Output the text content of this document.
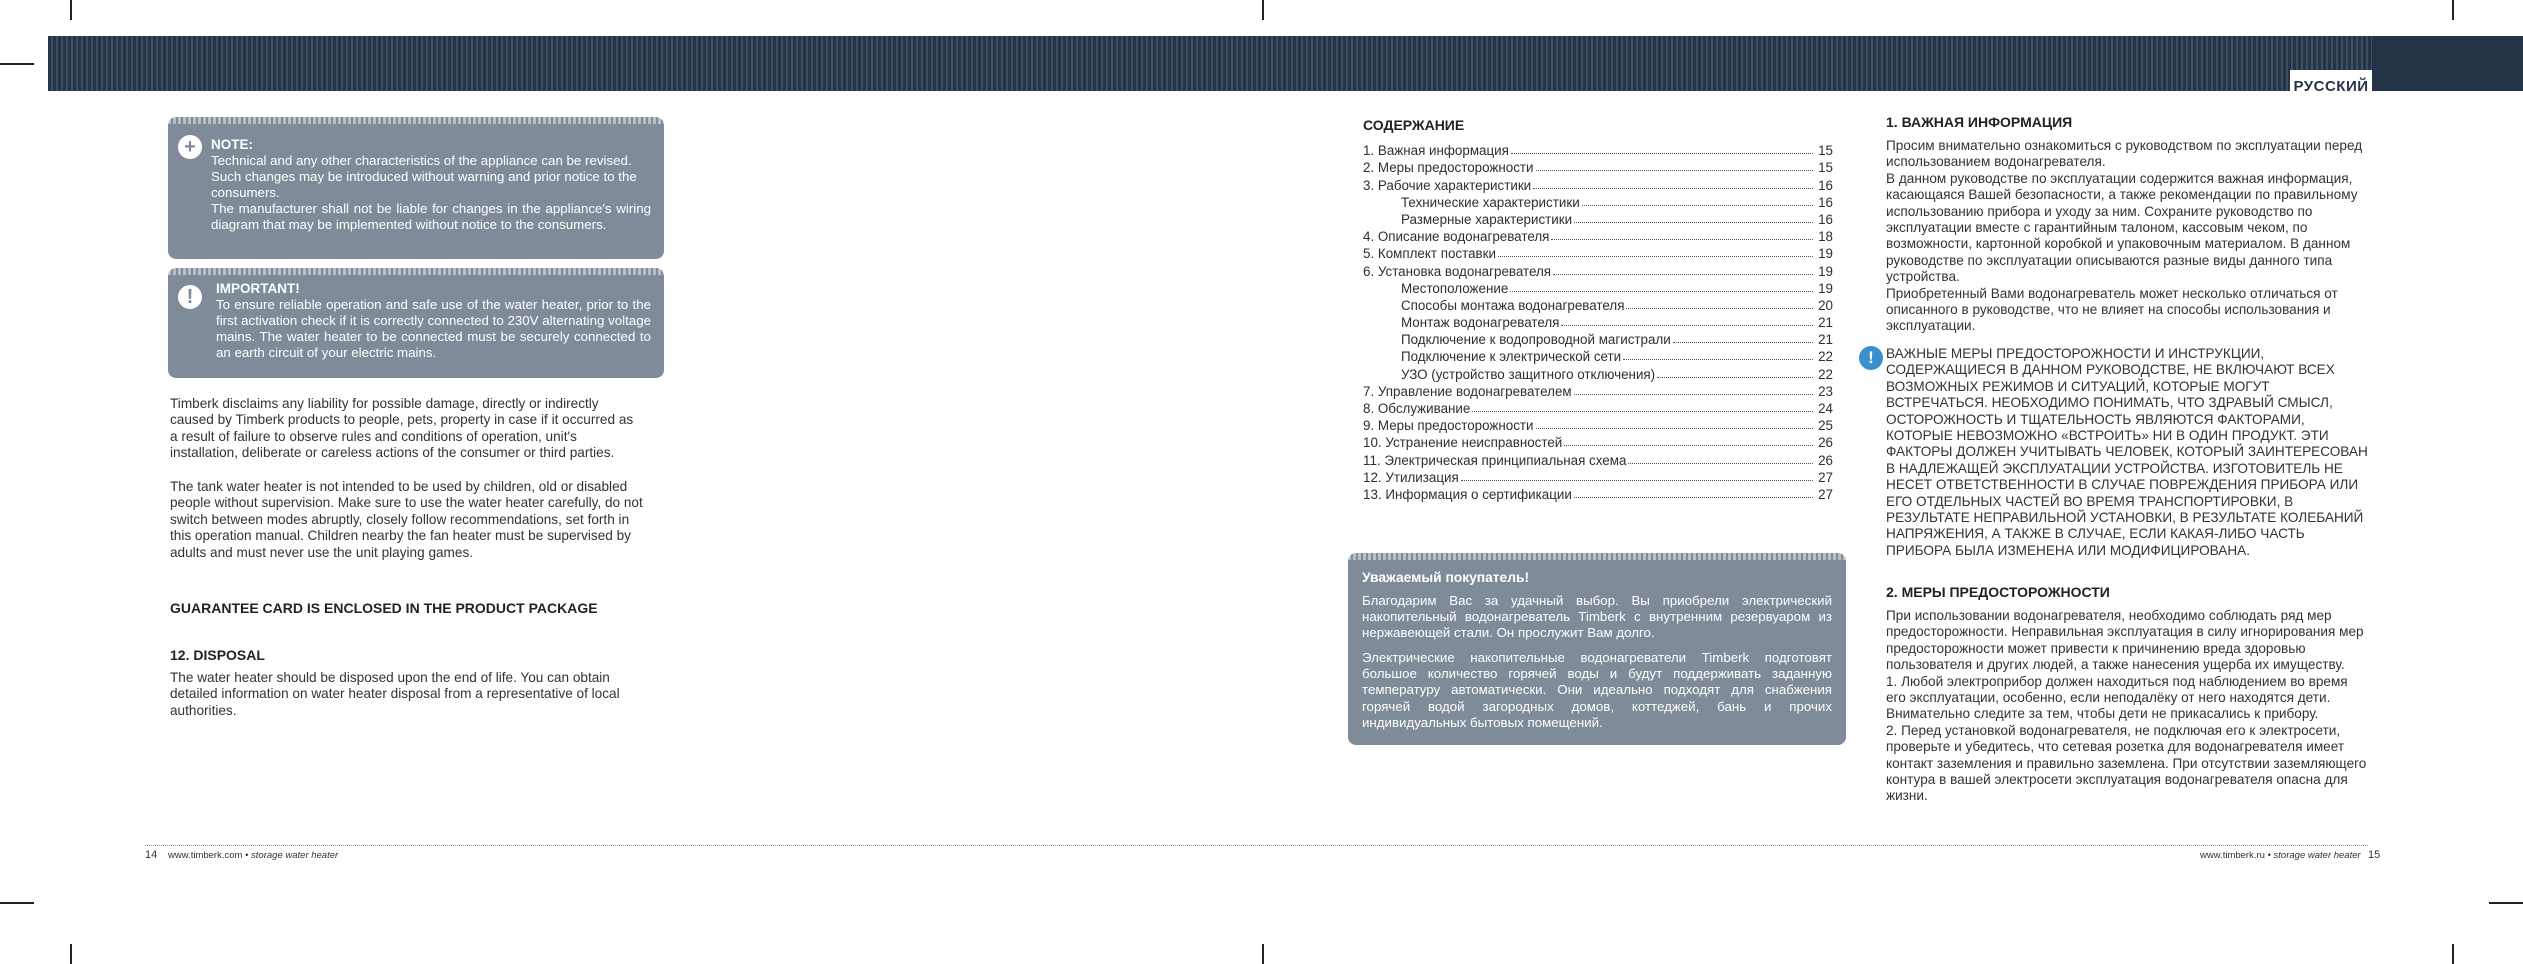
РУССКИЙ
+	NOTE:
Technical and any other characteristics of the appliance can be revised.
Such changes may be introduced without warning and prior notice to the consumers.
The manufacturer shall not be liable for changes in the appliance's wiring diagram that may be implemented without notice to the consumers.
!	IMPORTANT!
To ensure reliable operation and safe use of the water heater, prior to the first activation check if it is correctly connected to 230V alternating voltage mains. The water heater to be connected must be securely connected to an earth circuit of your electric mains.
Timberk disclaims any liability for possible damage, directly or indirectly caused by Timberk products to people, pets, property in case if it occurred as a result of failure to observe rules and conditions of operation, unit's installation, deliberate or careless actions of the consumer or third parties.
The tank water heater is not intended to be used by children, old or disabled people without supervision. Make sure to use the water heater carefully, do not switch between modes abruptly, closely follow recommendations, set forth in this operation manual. Children nearby the fan heater must be supervised by adults and must never use the unit playing games.
GUARANTEE CARD IS ENCLOSED IN THE PRODUCT PACKAGE
12. DISPOSAL
The water heater should be disposed upon the end of life. You can obtain detailed information on water heater disposal from a representative of local authorities.
СОДЕРЖАНИЕ
1. Важная информация	15
2. Меры предосторожности	15
3. Рабочие характеристики	16
Технические характеристики	16
Размерные характеристики	16
4. Описание водонагревателя	18
5. Комплект поставки	19
6. Установка водонагревателя	19
Местоположение	19
Способы монтажа водонагревателя	20
Монтаж водонагревателя	21
Подключение к водопроводной магистрали	21
Подключение к электрической сети	22
УЗО (устройство защитного отключения)	22
7. Управление водонагревателем	23
8. Обслуживание	24
9. Меры предосторожности	25
10. Устранение неисправностей	26
11. Электрическая принципиальная схема	26
12. Утилизация	27
13. Информация о сертификации	27
Уважаемый покупатель!
Благодарим Вас за удачный выбор. Вы приобрели электрический накопительный водонагреватель Timberk с внутренним резервуаром из нержавеющей стали. Он прослужит Вам долго.
Электрические накопительные водонагреватели Timberk подготовят большое количество горячей воды и будут поддерживать заданную температуру автоматически. Они идеально подходят для снабжения горячей водой загородных домов, коттеджей, бань и прочих индивидуальных бытовых помещений.
1. ВАЖНАЯ ИНФОРМАЦИЯ

Просим внимательно ознакомиться с руководством по эксплуатации перед использованием водонагревателя.

В данном руководстве по эксплуатации содержится важная информация, касающаяся Вашей безопасности, а также рекомендации по правильному использованию прибора и уходу за ним. Сохраните руководство по эксплуатации вместе с гарантийным талоном, кассовым чеком, по возможности, картонной коробкой и упаковочным материалом. В данном руководстве по эксплуатации описываются разные виды данного типа устройства.

Приобретенный Вами водонагреватель может несколько отличаться от описанного в руководстве, что не влияет на способы использования и эксплуатации.

! ВАЖНЫЕ МЕРЫ ПРЕДОСТОРОЖНОСТИ И ИНСТРУКЦИИ, СОДЕРЖАЩИЕСЯ В ДАННОМ РУКОВОДСТВЕ, НЕ ВКЛЮЧАЮТ ВСЕХ ВОЗМОЖНЫХ РЕЖИМОВ И СИТУАЦИЙ, КОТОРЫЕ МОГУТ ВСТРЕЧАТЬСЯ. НЕОБХОДИМО ПОНИМАТЬ, ЧТО ЗДРАВЫЙ СМЫСЛ, ОСТОРОЖНОСТЬ И ТЩАТЕЛЬНОСТЬ ЯВЛЯЮТСЯ ФАКТОРАМИ, КОТОРЫЕ НЕВОЗМОЖНО «ВСТРОИТЬ» НИ В ОДИН ПРОДУКТ. ЭТИ ФАКТОРЫ ДОЛЖЕН УЧИТЫВАТЬ ЧЕЛОВЕК, КОТОРЫЙ ЗАИНТЕРЕСОВАН В НАДЛЕЖАЩЕЙ ЭКСПЛУАТАЦИИ УСТРОЙСТВА. ИЗГОТОВИТЕЛЬ НЕ НЕСЕТ ОТВЕТСТВЕННОСТИ В СЛУЧАЕ ПОВРЕЖДЕНИЯ ПРИБОРА ИЛИ ЕГО ОТДЕЛЬНЫХ ЧАСТЕЙ ВО ВРЕМЯ ТРАНСПОРТИРОВКИ, В РЕЗУЛЬТАТЕ НЕПРАВИЛЬНОЙ УСТАНОВКИ, В РЕЗУЛЬТАТЕ КОЛЕБАНИЙ НАПРЯЖЕНИЯ, А ТАКЖЕ В СЛУЧАЕ, ЕСЛИ КАКАЯ-ЛИБО ЧАСТЬ ПРИБОРА БЫЛА ИЗМЕНЕНА ИЛИ МОДИФИЦИРОВАНА.
2. МЕРЫ ПРЕДОСТОРОЖНОСТИ

При использовании водонагревателя, необходимо соблюдать ряд мер предосторожности. Неправильная эксплуатация в силу игнорирования мер предосторожности может привести к причинению вреда здоровью пользователя и других людей, а также нанесения ущерба их имуществу.

1. Любой электроприбор должен находиться под наблюдением во время его эксплуатации, особенно, если неподалёку от него находятся дети. Внимательно следите за тем, чтобы дети не прикасались к прибору.

2. Перед установкой водонагревателя, не подключая его к электросети, проверьте и убедитесь, что сетевая розетка для водонагревателя имеет контакт заземления и правильно заземлена. При отсутствии заземляющего контура в вашей электросети эксплуатация водонагревателя опасна для жизни.

14 www.timberk.com • storage water heater	www.timberk.ru • storage water heater 15
